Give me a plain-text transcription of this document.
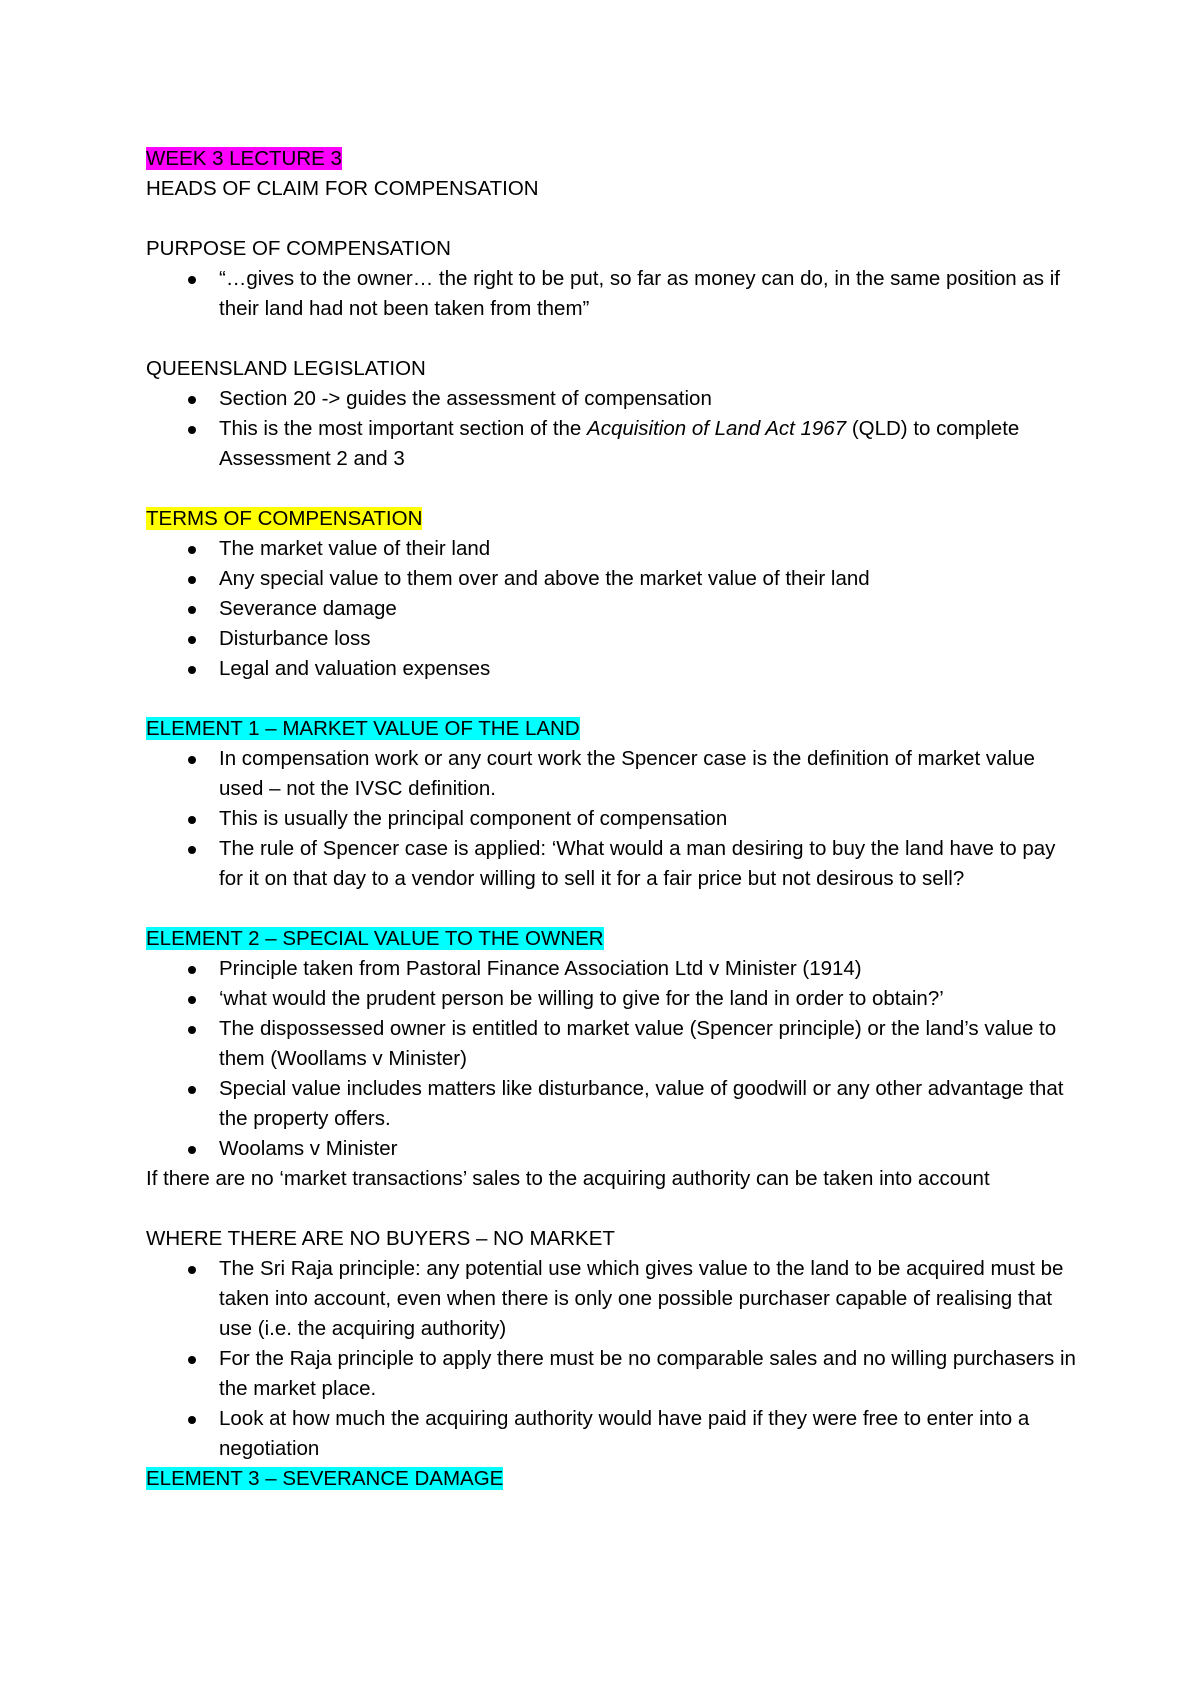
WEEK 3 LECTURE 3

HEADS OF CLAIM FOR COMPENSATION

PURPOSE OF COMPENSATION

“…gives to the owner… the right to be put, so far as money can do, in the same position as if their land had not been taken from them”

QUEENSLAND LEGISLATION

Section 20 -> guides the assessment of compensation
This is the most important section of the Acquisition of Land Act 1967 (QLD) to complete Assessment 2 and 3

TERMS OF COMPENSATION

The market value of their land
Any special value to them over and above the market value of their land
Severance damage
Disturbance loss
Legal and valuation expenses

ELEMENT 1 – MARKET VALUE OF THE LAND

In compensation work or any court work the Spencer case is the definition of market value used – not the IVSC definition.
This is usually the principal component of compensation
The rule of Spencer case is applied: ‘What would a man desiring to buy the land have to pay for it on that day to a vendor willing to sell it for a fair price but not desirous to sell?

ELEMENT 2 – SPECIAL VALUE TO THE OWNER

Principle taken from Pastoral Finance Association Ltd v Minister (1914)
‘what would the prudent person be willing to give for the land in order to obtain?’
The dispossessed owner is entitled to market value (Spencer principle) or the land’s value to them (Woollams v Minister)
Special value includes matters like disturbance, value of goodwill or any other advantage that the property offers.
Woolams v Minister

If there are no ‘market transactions’ sales to the acquiring authority can be taken into account

WHERE THERE ARE NO BUYERS – NO MARKET

The Sri Raja principle: any potential use which gives value to the land to be acquired must be taken into account, even when there is only one possible purchaser capable of realising that use (i.e. the acquiring authority)
For the Raja principle to apply there must be no comparable sales and no willing purchasers in the market place.
Look at how much the acquiring authority would have paid if they were free to enter into a negotiation

ELEMENT 3 – SEVERANCE DAMAGE
